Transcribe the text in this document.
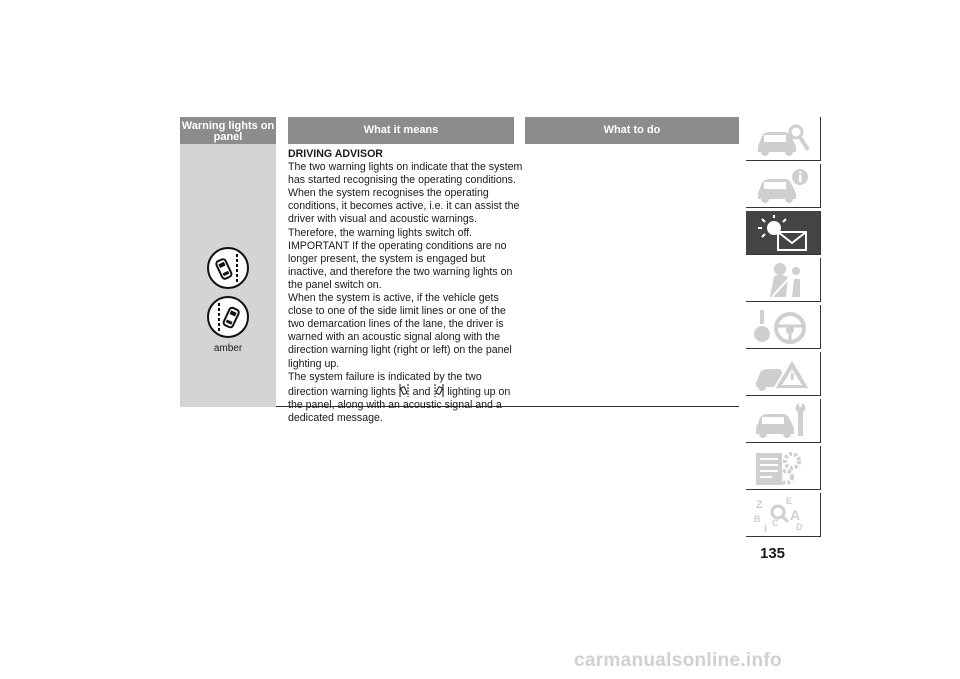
Warning lights on panel
What it means	What to do
amber

DRIVING ADVISOR

The two warning lights on indicate that the system has started recognising the operating conditions. When the system recognises the operating conditions, it becomes active, i.e. it can assist the driver with visual and acoustic warnings. Therefore, the warning lights switch off.

IMPORTANT If the operating conditions are no longer present, the system is engaged but inactive, and therefore the two warning lights on the panel switch on.

When the system is active, if the vehicle gets close to one of the side limit lines or one of the two demarcation lines of the lane, the driver is warned with an acoustic signal along with the direction warning light (right or left) on the panel lighting up.

The system failure is indicated by the two direction warning lights and lighting up on the panel, along with an acoustic signal and a dedicated message.

Z
B
I
E
A
D
C
135
carmanualsonline.info
